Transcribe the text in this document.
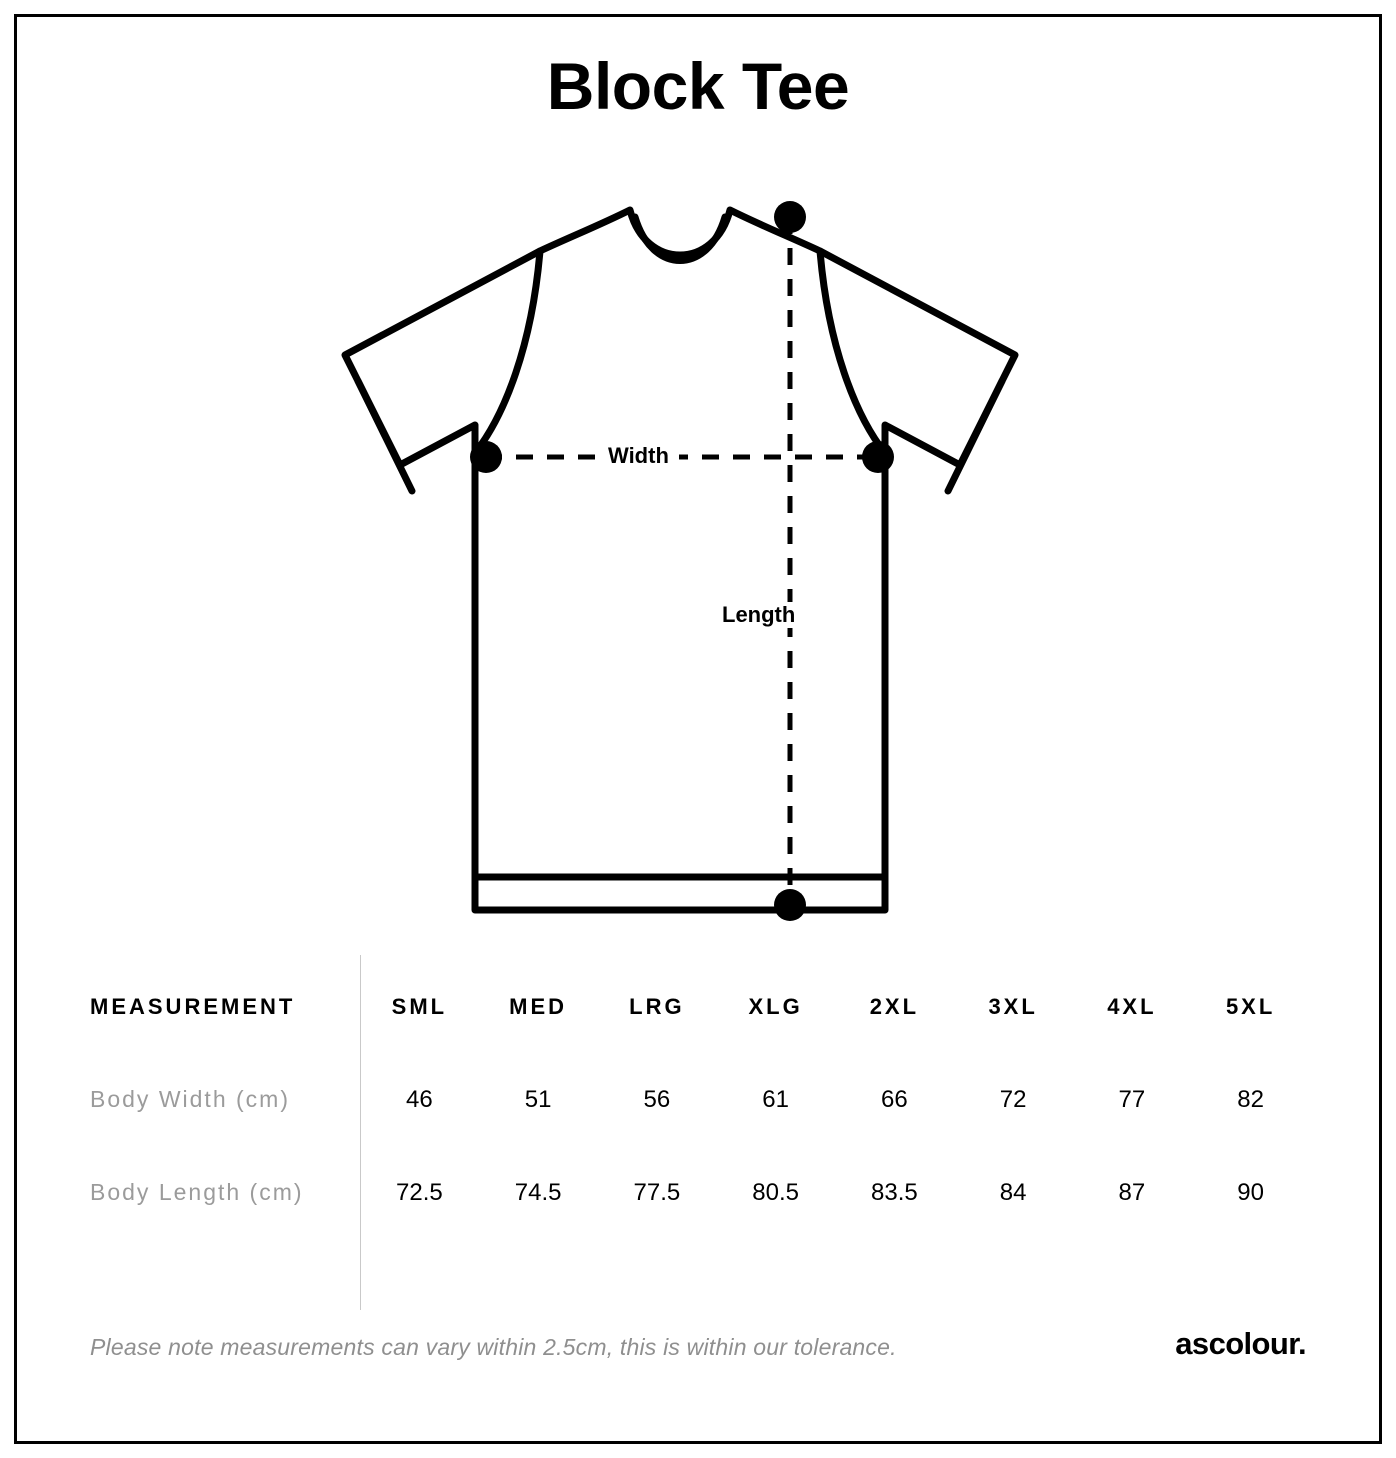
Block Tee
Width
Length
MEASUREMENT	SML	MED	LRG	XLG	2XL	3XL	4XL	5XL
Body Width (cm)	46	51	56	61	66	72	77	82
Body Length (cm)	72.5	74.5	77.5	80.5	83.5	84	87	90
Please note measurements can vary within 2.5cm, this is within our tolerance.	ascolour.
